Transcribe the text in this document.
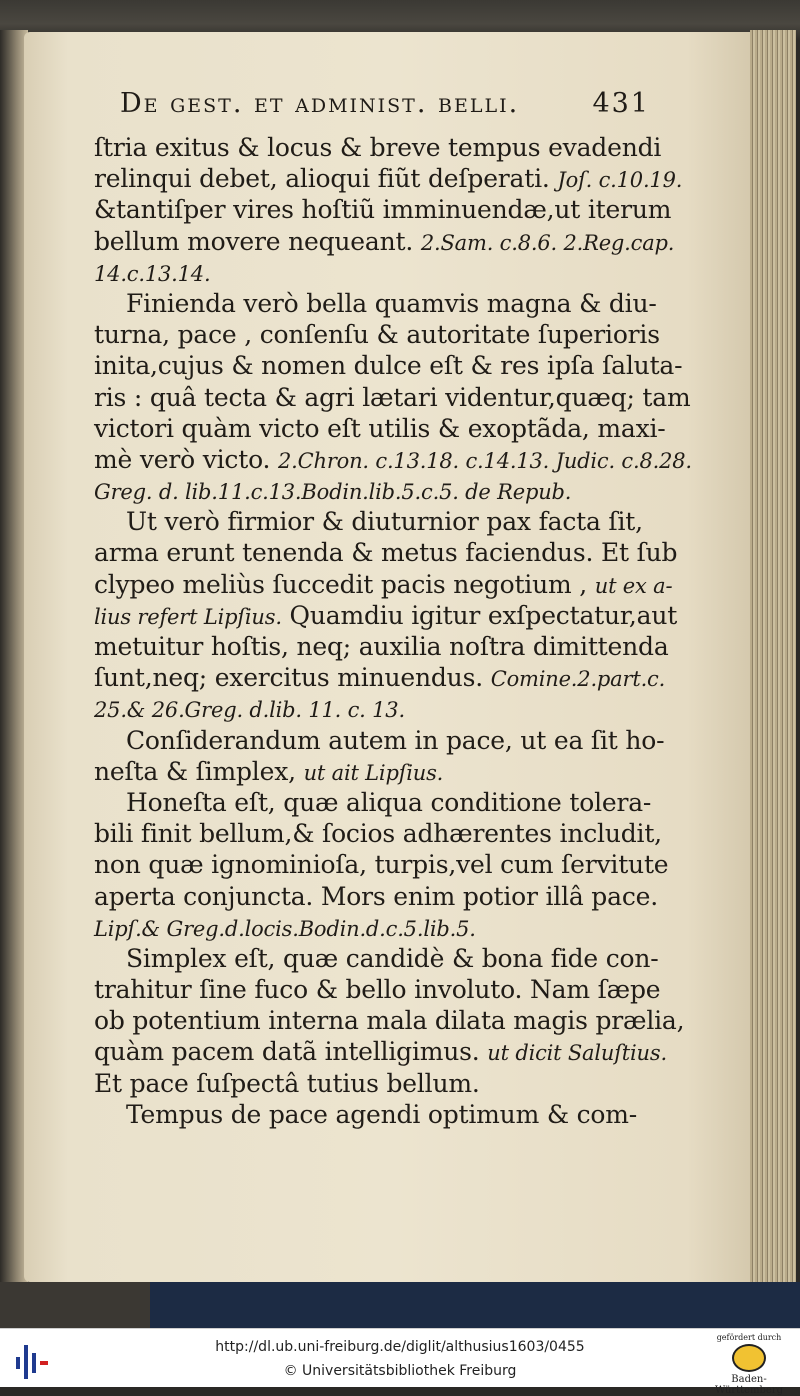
De gest. et administ. belli.	431
ſtria exitus & locus & breve tempus evadendi
relinqui debet, alioqui fiũt deſperati. Joſ. c.10.19.
&tantiſper vires hoſtiũ imminuendæ,ut iterum
bellum movere nequeant. 2.Sam. c.8.6. 2.Reg.cap.
14.c.13.14.
Finienda verò bella quamvis magna & diu-
turna, pace , conſenſu & autoritate ſuperioris
inita,cujus & nomen dulce eſt & res ipſa ſaluta-
ris : quâ tecta & agri lætari videntur,quæq; tam
victori quàm victo eſt utilis & exoptãda, maxi-
mè verò victo. 2.Chron. c.13.18. c.14.13. Judic. c.8.28.
Greg. d. lib.11.c.13.Bodin.lib.5.c.5. de Repub.
Ut verò firmior & diuturnior pax facta ſit,
arma erunt tenenda & metus faciendus. Et ſub
clypeo meliùs ſuccedit pacis negotium , ut ex a-
lius refert Lipſius. Quamdiu igitur exſpectatur,aut
metuitur hoſtis, neq; auxilia noſtra dimittenda
ſunt,neq; exercitus minuendus. Comine.2.part.c.
25.& 26.Greg. d.lib. 11. c. 13.
Conſiderandum autem in pace, ut ea ſit ho-
neſta & ſimplex, ut ait Lipſius.
Honeſta eſt, quæ aliqua conditione tolera-
bili finit bellum,& ſocios adhærentes includit,
non quæ ignominioſa, turpis,vel cum ſervitute
aperta conjuncta. Mors enim potior illâ pace.
Lipſ.& Greg.d.locis.Bodin.d.c.5.lib.5.
Simplex eſt, quæ candidè & bona fide con-
trahitur ſine fuco & bello involuto. Nam ſæpe
ob potentium interna mala dilata magis prælia,
quàm pacem datã intelligimus. ut dicit Saluſtius.
Et pace ſuſpectâ tutius bellum.
Tempus de pace agendi optimum & com-
http://dl.ub.uni-freiburg.de/diglit/althusius1603/0455
© Universitätsbibliothek Freiburg
gefördert durch
Baden-Württemberg
